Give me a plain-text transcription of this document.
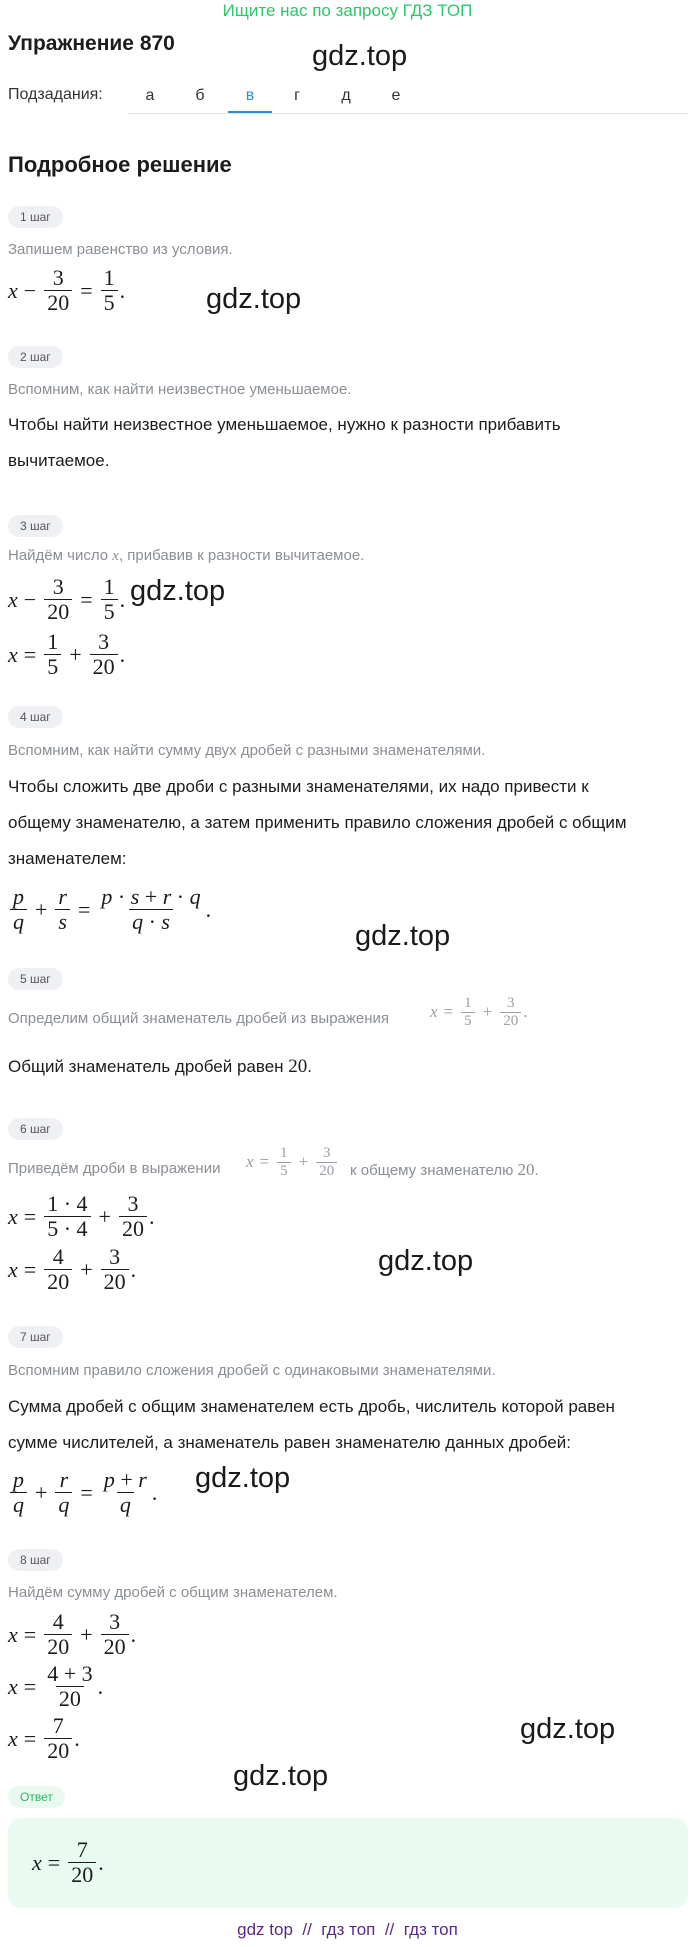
Ищите нас по запросу ГДЗ ТОП
Упражнение 870	gdz.top
gdz.top
gdz.top
gdz.top
gdz.top
gdz.top
gdz.top
gdz.top
Подзадания:	а	б	в	г	д	е
Подробное решение
1 шаг
Запишем равенство из условия.
$x - \frac{3}{20} = \frac{1}{5}$ .
2 шаг
Вспомним, как найти неизвестное уменьшаемое.
Чтобы найти неизвестное уменьшаемое, нужно к разности прибавить
вычитаемое.
3 шаг
Найдём число x, прибавив к разности вычитаемое.
$x - \frac{3}{20} = \frac{1}{5}$ .
$x = \frac{1}{5} + \frac{3}{20}$ .
4 шаг
Вспомним, как найти сумму двух дробей с разными знаменателями.
Чтобы сложить две дроби с разными знаменателями, их надо привести к
общему знаменателю, а затем применить правило сложения дробей с общим
знаменателем:
$\frac{p}{q} + \frac{r}{s} = \frac{p \cdot s + r \cdot q}{q \cdot s}$ .
5 шаг
Определим общий знаменатель дробей из выражения $x = \frac{1}{5} + \frac{3}{20}$ .
Общий знаменатель дробей равен 20.
6 шаг
Приведём дроби в выражении $x = \frac{1}{5} + \frac{3}{20}$ к общему знаменателю 20.
$x = \frac{1 \cdot 4}{5 \cdot 4} + \frac{3}{20}$ .
$x = \frac{4}{20} + \frac{3}{20}$ .
7 шаг
Вспомним правило сложения дробей с одинаковыми знаменателями.
Сумма дробей с общим знаменателем есть дробь, числитель которой равен
сумме числителей, а знаменатель равен знаменателю данных дробей:
$\frac{p}{q} + \frac{r}{q} = \frac{p + r}{q}$ .
8 шаг
Найдём сумму дробей с общим знаменателем.
$x = \frac{4}{20} + \frac{3}{20}$ .
$x = \frac{4 + 3}{20}$ .
$x = \frac{7}{20}$ .
Ответ
$x = \frac{7}{20}$ .
gdz top  //  гдз топ  //  гдз топ
